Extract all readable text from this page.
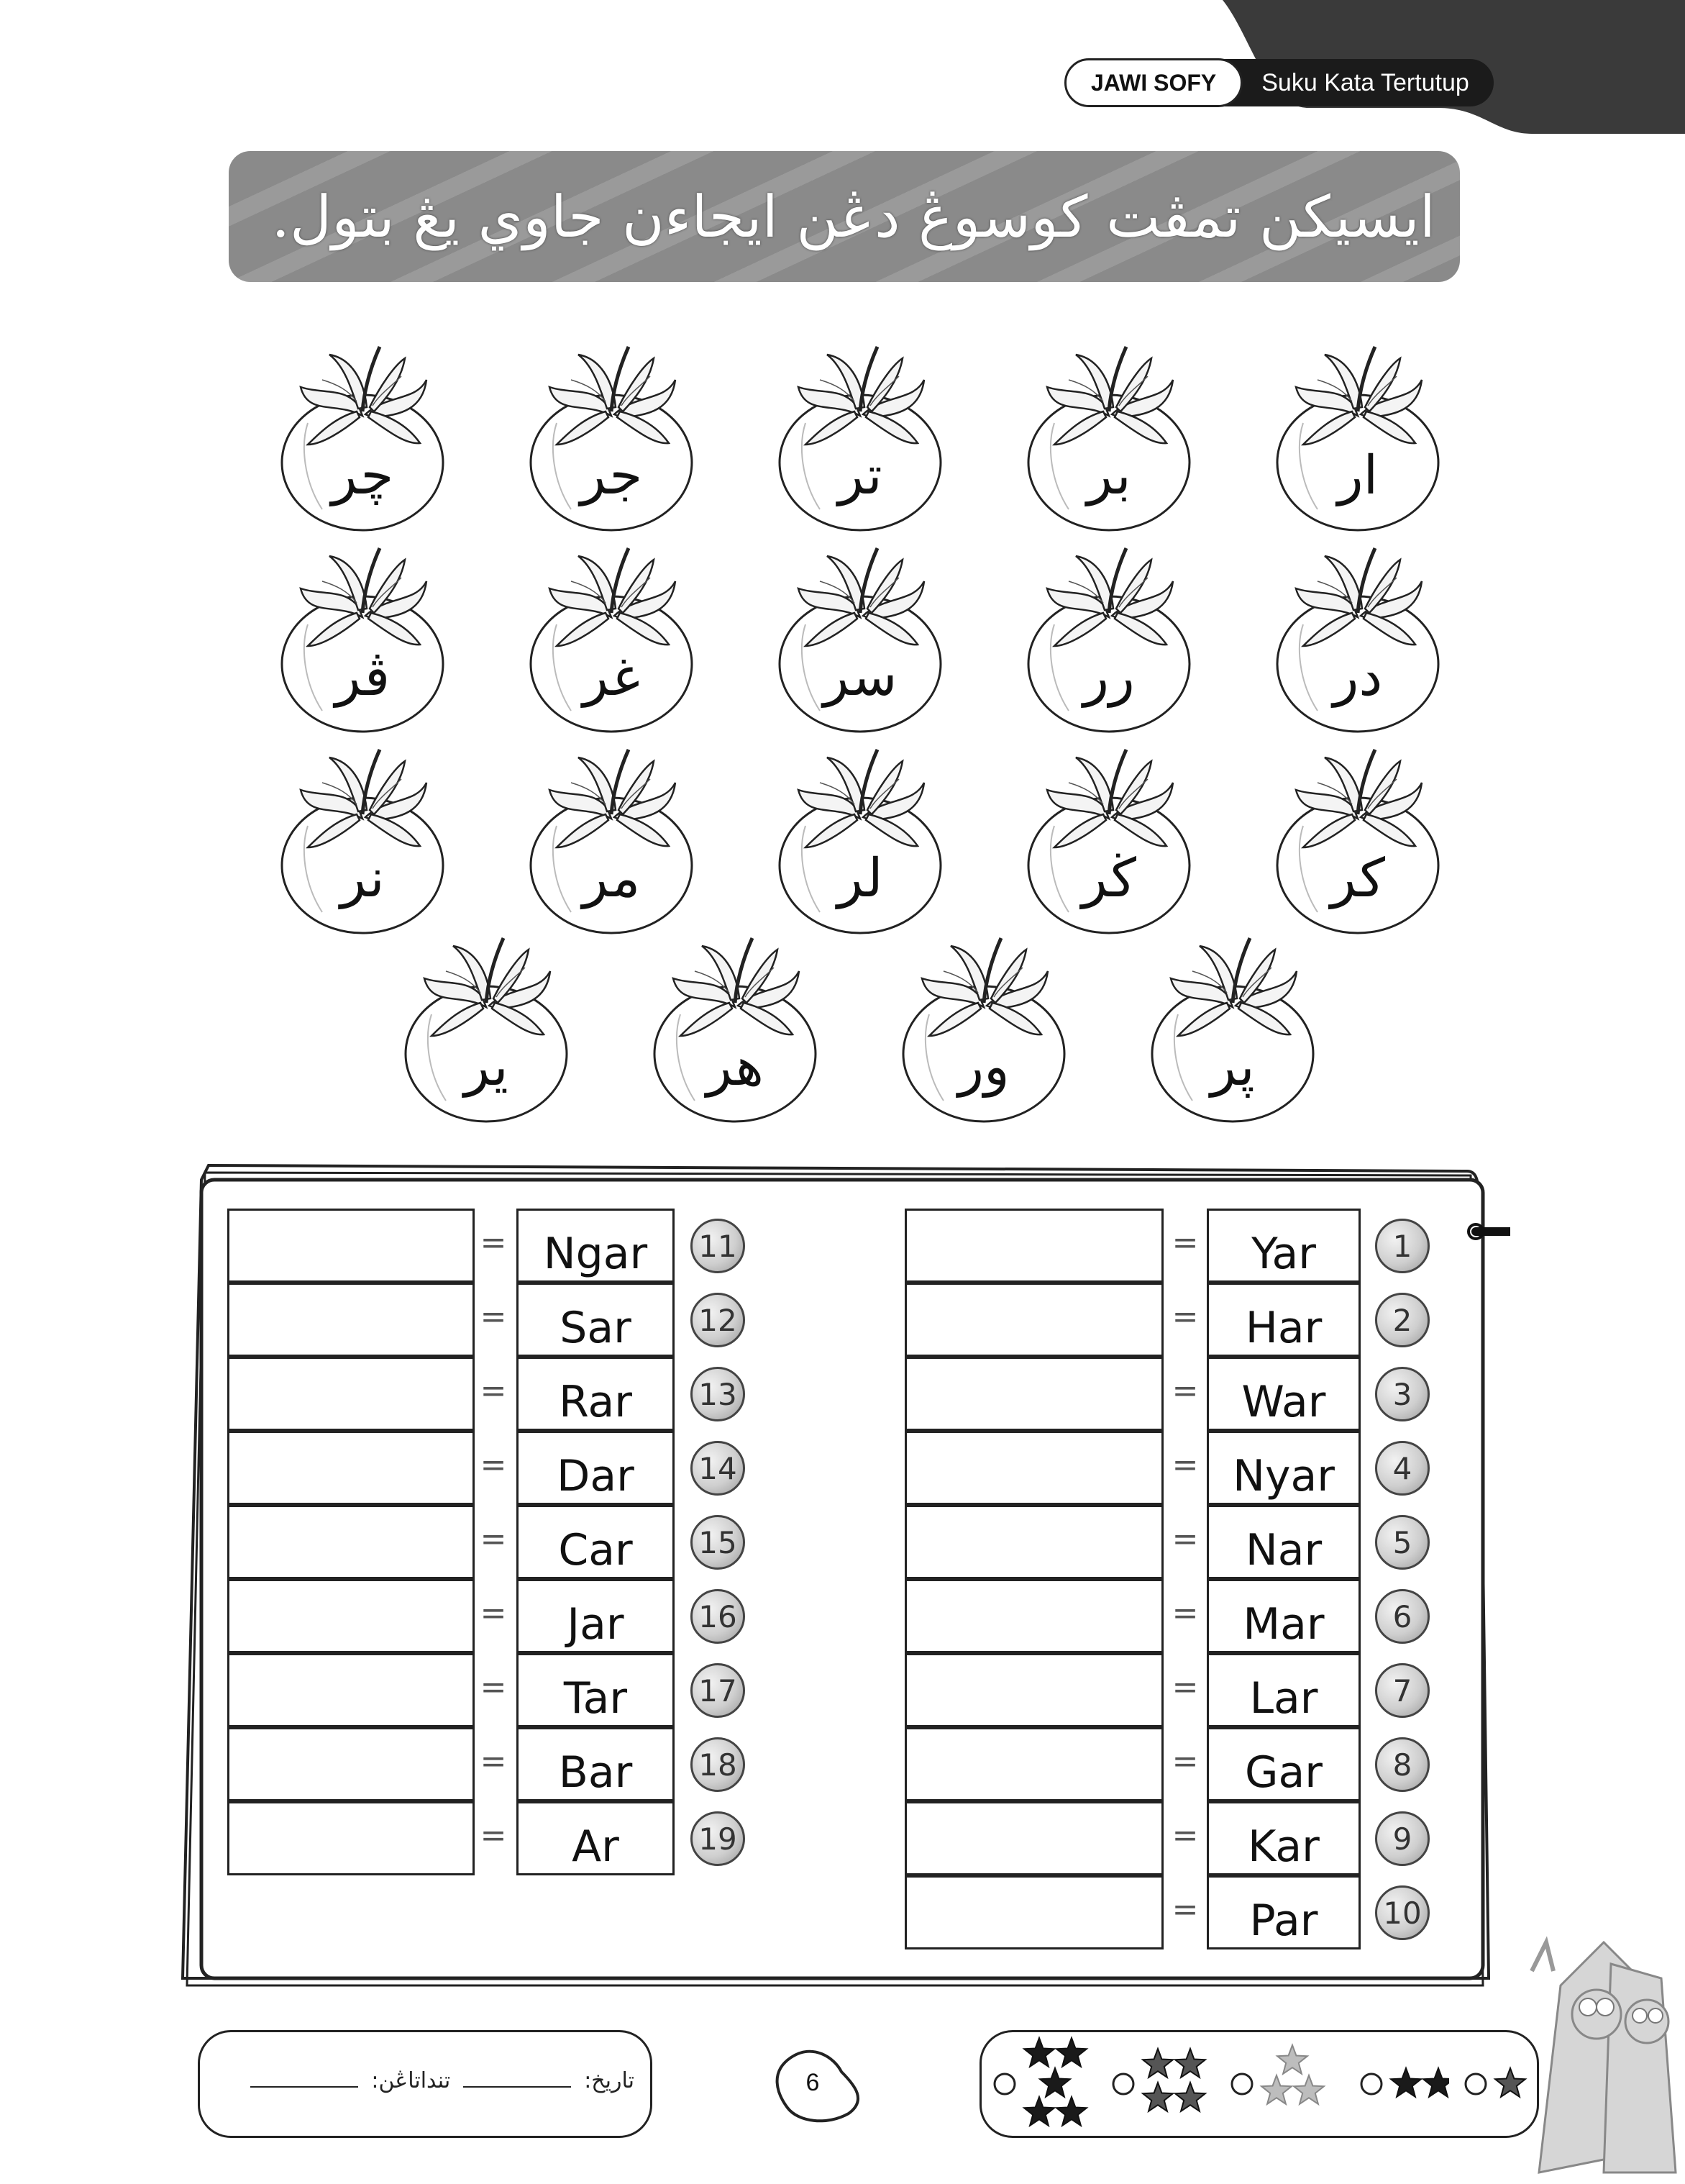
JAWI SOFY	Suku Kata Tertutup
ايسيکن تمڤت کوسوڠ دڠن ايجاءن جاوي يڠ بتول.
ار
بر
تر
جر
چر
در
رر
سر
غر
ڤر
کر
ڬر
لر
مر
نر
ڽر
ور
هر
ير
=	Yar	1
=	Har	2
=	War	3
= Nyar	4
=	Nar	5
=	Mar	6
=	Lar	7
=	Gar	8
=	Kar	9
=	Par	10
= Ngar	11
=	Sar	12
=	Rar	13
=	Dar	14
=	Car	15
=	Jar	16
=	Tar	17
=	Bar	18
=	Ar	19
تاريخ:
تنداتاڠن:	6
